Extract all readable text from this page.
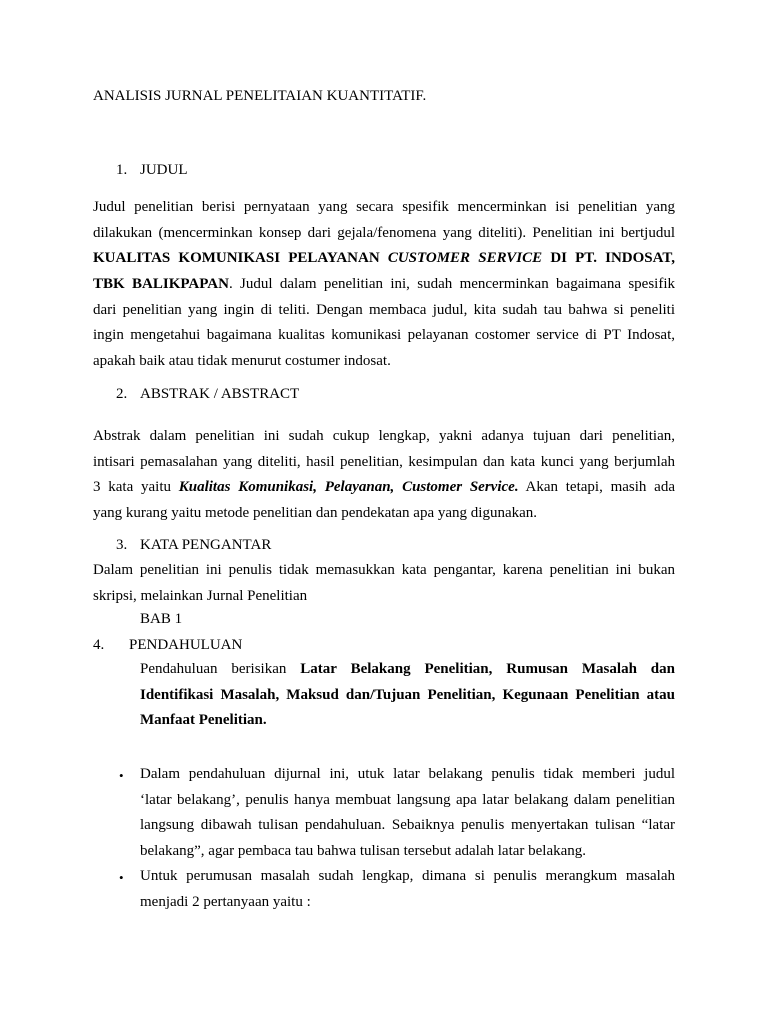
ANALISIS JURNAL PENELITAIAN KUANTITATIF.
1. JUDUL
Judul penelitian berisi pernyataan yang secara spesifik mencerminkan isi penelitian yang
dilakukan (mencerminkan konsep dari gejala/fenomena yang diteliti). Penelitian ini bertjudul
KUALITAS KOMUNIKASI PELAYANAN CUSTOMER SERVICE DI PT. INDOSAT,
TBK BALIKPAPAN. Judul dalam penelitian ini, sudah mencerminkan bagaimana spesifik
dari penelitian yang ingin di teliti. Dengan membaca judul, kita sudah tau bahwa si peneliti
ingin mengetahui bagaimana kualitas komunikasi pelayanan costomer service di PT Indosat,
apakah baik atau tidak menurut costumer indosat.
2. ABSTRAK / ABSTRACT
Abstrak dalam penelitian ini sudah cukup lengkap, yakni adanya tujuan dari penelitian,
intisari pemasalahan yang diteliti, hasil penelitian, kesimpulan dan kata kunci yang berjumlah
3 kata yaitu Kualitas Komunikasi, Pelayanan, Customer Service. Akan tetapi, masih ada
yang kurang yaitu metode penelitian dan pendekatan apa yang digunakan.
3. KATA PENGANTAR
Dalam penelitian ini penulis tidak memasukkan kata pengantar, karena penelitian ini bukan
skripsi, melainkan Jurnal Penelitian
BAB 1
4. PENDAHULUAN
Pendahuluan berisikan Latar Belakang Penelitian, Rumusan Masalah dan
Identifikasi Masalah, Maksud dan/Tujuan Penelitian, Kegunaan Penelitian atau
Manfaat Penelitian.
• Dalam pendahuluan dijurnal ini, utuk latar belakang penulis tidak memberi judul
‘latar belakang’, penulis hanya membuat langsung apa latar belakang dalam penelitian
langsung dibawah tulisan pendahuluan. Sebaiknya penulis menyertakan tulisan “latar
belakang”, agar pembaca tau bahwa tulisan tersebut adalah latar belakang.
• Untuk perumusan masalah sudah lengkap, dimana si penulis merangkum masalah
menjadi 2 pertanyaan yaitu :
